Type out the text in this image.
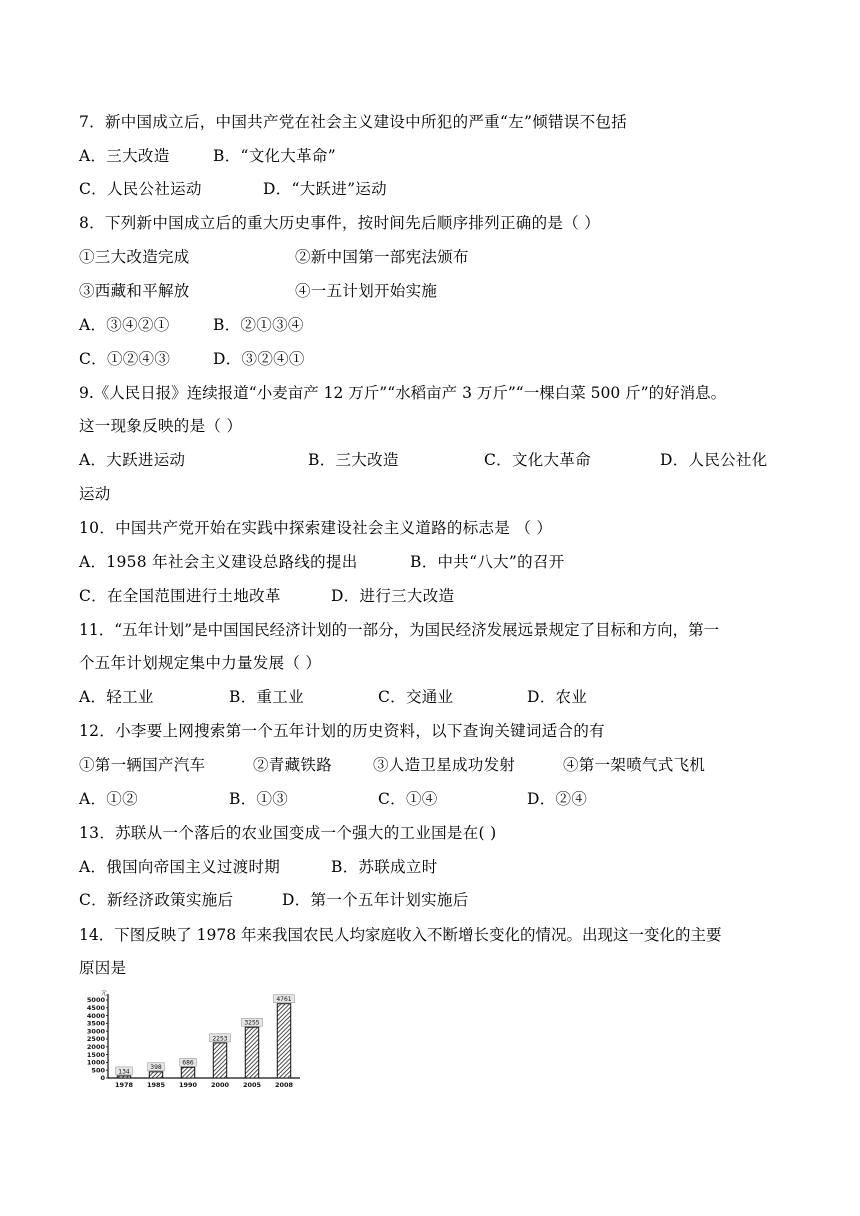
7．新中国成立后，中国共产党在社会主义建设中所犯的严重“左”倾错误不包括
A．三大改造	B．“文化大革命”
C．人民公社运动	D．“大跃进”运动
8．下列新中国成立后的重大历史事件，按时间先后顺序排列正确的是（ ）
①三大改造完成	②新中国第一部宪法颁布
③西藏和平解放	④一五计划开始实施
A．③④②①	B．②①③④
C．①②④③	D．③②④①
9.《人民日报》连续报道“小麦亩产 12 万斤”“水稻亩产 3 万斤”“一棵白菜 500 斤”的好消息。
这一现象反映的是（ ）
A．大跃进运动	B．三大改造	C．文化大革命	D．人民公社化
运动
10．中国共产党开始在实践中探索建设社会主义道路的标志是 （ ）
A．1958 年社会主义建设总路线的提出	B．中共“八大”的召开
C．在全国范围进行土地改革	D．进行三大改造
11．“五年计划”是中国国民经济计划的一部分，为国民经济发展远景规定了目标和方向，第一
个五年计划规定集中力量发展（ ）
A．轻工业	B．重工业	C．交通业	D．农业
12．小李要上网搜索第一个五年计划的历史资料，以下查询关键词适合的有
①第一辆国产汽车	②青藏铁路	③人造卫星成功发射	④第一架喷气式飞机
A．①②	B．①③	C．①④	D．②④
13．苏联从一个落后的农业国变成一个强大的工业国是在( )
A．俄国向帝国主义过渡时期	B．苏联成立时
C．新经济政策实施后	D．第一个五年计划实施后
14．下图反映了 1978 年来我国农民人均家庭收入不断增长变化的情况。出现这一变化的主要
原因是
元
0
500
1000
1500
2000
2500
3000
3500
4000
4500
5000
134
1978
398
1985
686
1990
2253
2000
3255
2005
4761
2008
